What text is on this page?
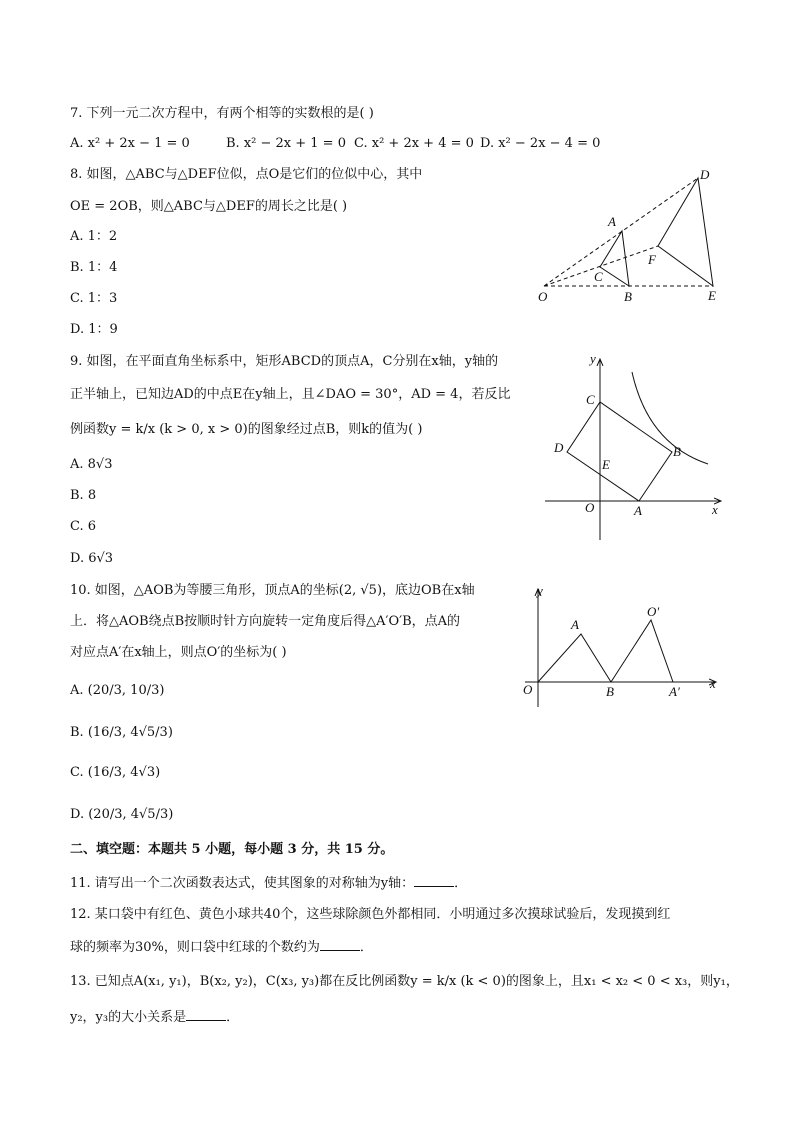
7. 下列一元二次方程中，有两个相等的实数根的是( )
A. x² + 2x − 1 = 0	B. x² − 2x + 1 = 0 C. x² + 2x + 4 = 0 D. x² − 2x − 4 = 0
8. 如图，△ABC与△DEF位似，点O是它们的位似中心，其中
OE = 2OB，则△ABC与△DEF的周长之比是( )
A. 1：2
B. 1：4
C. 1：3
D. 1：9
O
A
B
C
D
E
F
9. 如图，在平面直角坐标系中，矩形ABCD的顶点A，C分别在x轴，y轴的
正半轴上，已知边AD的中点E在y轴上，且∠DAO = 30°，AD = 4，若反比
例函数y = k/x (k > 0, x > 0)的图象经过点B，则k的值为( )
A. 8√3
B. 8
C. 6
D. 6√3
y
x
O	A
B
C
D
E
10. 如图，△AOB为等腰三角形，顶点A的坐标(2, √5)，底边OB在x轴
上．将△AOB绕点B按顺时针方向旋转一定角度后得△A′O′B，点A的
对应点A′在x轴上，则点O′的坐标为( )
A. (20/3, 10/3)
B. (16/3, 4√5/3)
C. (16/3, 4√3)
D. (20/3, 4√5/3)
O
A
B
O′
A′
y
x
二、填空题：本题共 5 小题，每小题 3 分，共 15 分。
11. 请写出一个二次函数表达式，使其图象的对称轴为y轴：	．
12. 某口袋中有红色、黄色小球共40个，这些球除颜色外都相同．小明通过多次摸球试验后，发现摸到红
球的频率为30%，则口袋中红球的个数约为	．
13. 已知点A(x₁, y₁)，B(x₂, y₂)，C(x₃, y₃)都在反比例函数y = k/x (k < 0)的图象上，且x₁ < x₂ < 0 < x₃，则y₁，
y₂，y₃的大小关系是	．
